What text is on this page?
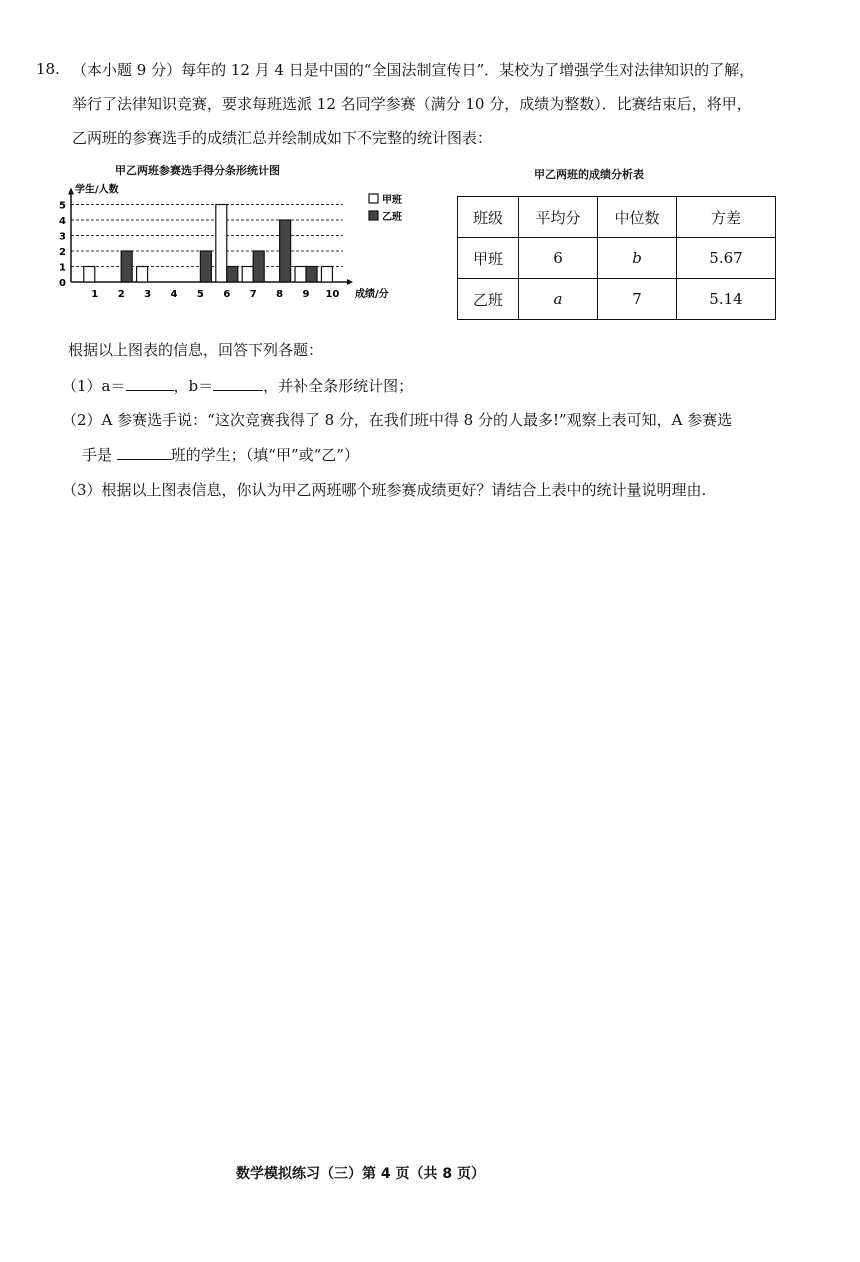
18. （本小题 9 分）每年的 12 月 4 日是中国的“全国法制宣传日”．某校为了增强学生对法律知识的了解，
举行了法律知识竞赛，要求每班选派 12 名同学参赛（满分 10 分，成绩为整数）．比赛结束后，将甲，
乙两班的参赛选手的成绩汇总并绘制成如下不完整的统计图表：
甲乙两班参赛选手得分条形统计图
0
1
2
3
4
5
学生/人数
1 2 3 4 5 6 7 8 9 10 成绩/分
甲班
乙班
甲乙两班的成绩分析表
班级	平均分	中位数	方差
甲班	6	b	5.67
乙班	a	7	5.14
根据以上图表的信息，回答下列各题：
（1）a＝	，b＝	，并补全条形统计图；
（2）A 参赛选手说：“这次竞赛我得了 8 分，在我们班中得 8 分的人最多!”观察上表可知，A 参赛选
手是	班的学生；（填“甲”或“乙”）
（3）根据以上图表信息，你认为甲乙两班哪个班参赛成绩更好？请结合上表中的统计量说明理由.
数学模拟练习（三）第 4 页（共 8 页）
